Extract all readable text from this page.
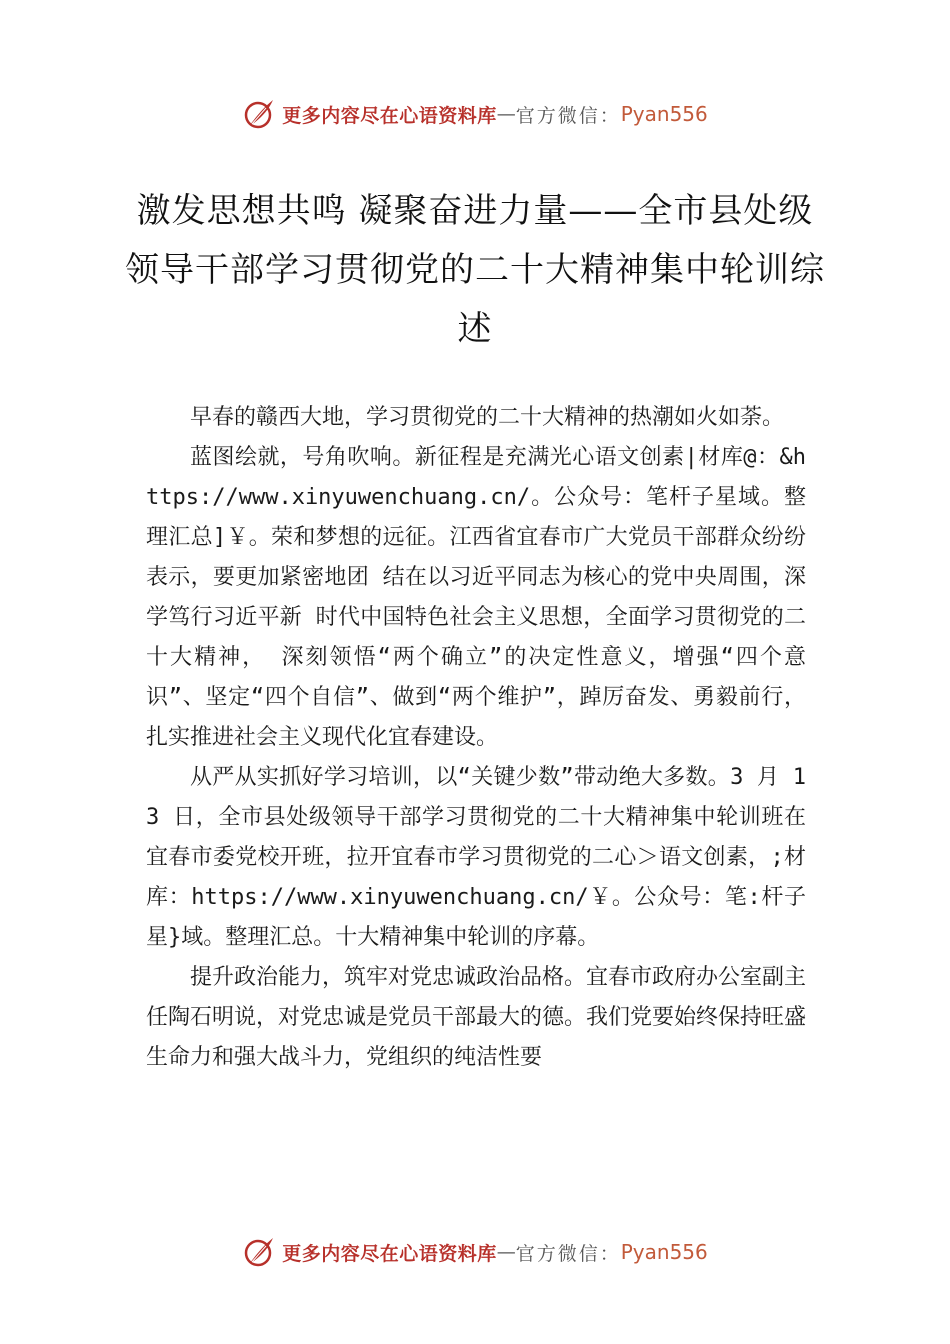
更多内容尽在心语资料库 — 官方微信： Pyan556
激发思想共鸣 凝聚奋进力量——全市县处级领导干部学习贯彻党的二十大精神集中轮训综述

早春的赣西大地，学习贯彻党的二十大精神的热潮如火如荼。

蓝图绘就，号角吹响。新征程是充满光心语文创素|材库@：&https://www.xinyuwenchuang.cn/。公众号：笔杆子星域。整理汇总]￥。荣和梦想的远征。江西省宜春市广大党员干部群众纷纷表示，要更加紧密地团 结在以习近平同志为核心的党中央周围，深学笃行习近平新 时代中国特色社会主义思想，全面学习贯彻党的二十大精神， 深刻领悟“两个确立”的决定性意义，增强“四个意识”、坚定“四个自信”、做到“两个维护”，踔厉奋发、勇毅前行，扎实推进社会主义现代化宜春建设。

从严从实抓好学习培训，以“关键少数”带动绝大多数。3 月 13 日，全市县处级领导干部学习贯彻党的二十大精神集中轮训班在宜春市委党校开班，拉开宜春市学习贯彻党的二心＞语文创素，;材库：https://www.xinyuwenchuang.cn/￥。公众号：笔:杆子星}域。整理汇总。十大精神集中轮训的序幕。

提升政治能力，筑牢对党忠诚政治品格。宜春市政府办公室副主任陶石明说，对党忠诚是党员干部最大的德。我们党要始终保持旺盛生命力和强大战斗力，党组织的纯洁性要

更多内容尽在心语资料库 — 官方微信： Pyan556
